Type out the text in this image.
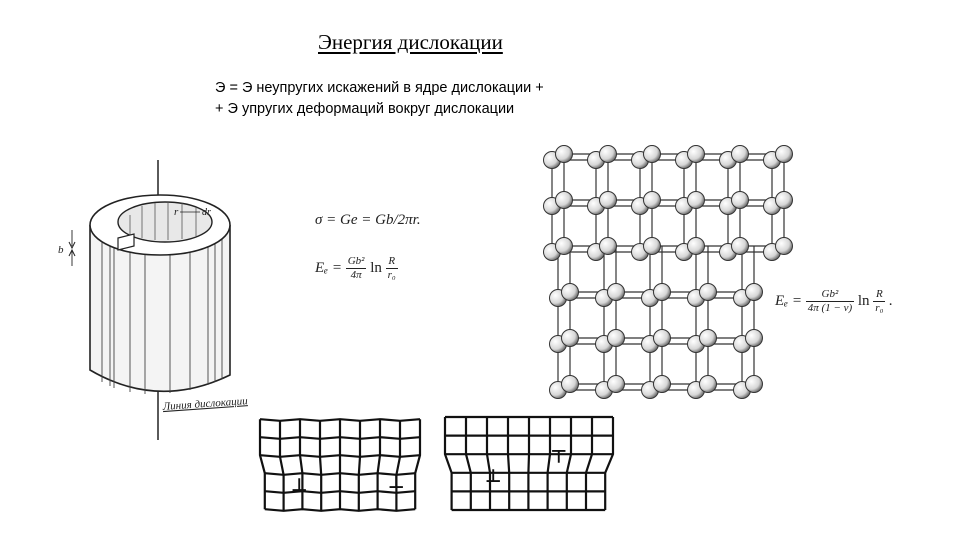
Энергия дислокации
Э = Э неупругих искажений в ядре дислокации +
+ Э упругих деформаций вокруг дислокации
r dr
b
Линия дислокации
σ = Ge = Gb/2πr.
$E_e = \frac{\text{Gb²}}{4\pi}$ $\ln \frac{R}{\text{r₀}}$
$E_e = \frac{\text{Gb²}}{4\pi (1 - \nu)}$ $\ln \frac{R}{\text{r₀}}$ .
⊥	⊥
⊥
⊥
